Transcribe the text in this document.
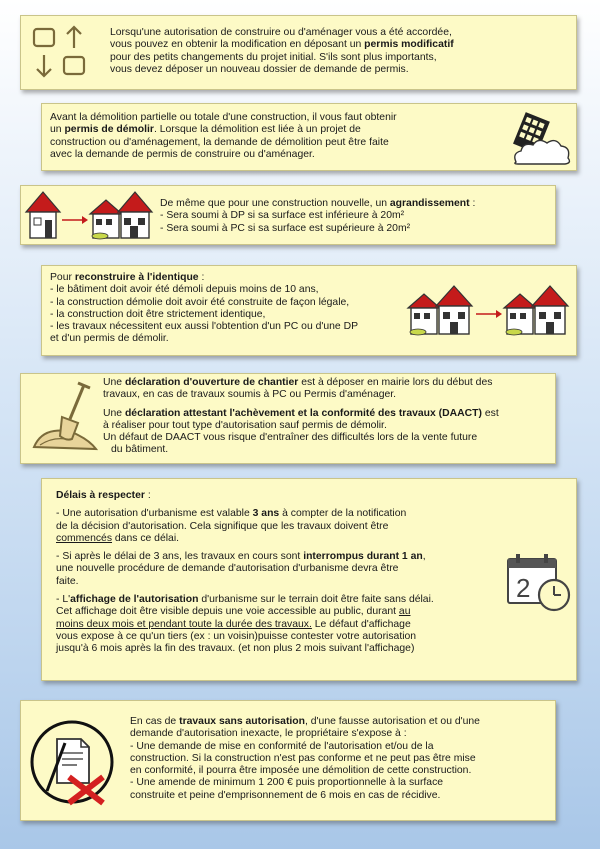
Lorsqu'une autorisation de construire ou d'aménager vous a été accordée,

vous pouvez en obtenir la modification en déposant un permis modificatif

pour des petits changements du projet initial. S'ils sont plus importants,

vous devez déposer un nouveau dossier de demande de permis.

Avant la démolition partielle ou totale d'une construction, il vous faut obtenir

un permis de démolir. Lorsque la démolition est liée à un projet de

construction ou d'aménagement, la demande de démolition peut être faite

avec la demande de permis de construire ou d'aménager.

De même que pour une construction nouvelle, un agrandissement :

- Sera soumi à DP si sa surface est inférieure à 20m²

- Sera soumi à PC si sa surface est supérieure à 20m²

Pour reconstruire à l'identique :

- le bâtiment doit avoir été démoli depuis moins de 10 ans,

- la construction démolie doit avoir été construite de façon légale,

- la construction doit être strictement identique,

- les travaux nécessitent eux aussi l'obtention d'un PC ou d'une DP

et d'un permis de démolir.

Une déclaration d'ouverture de chantier est à déposer en mairie lors du début des

travaux, en cas de travaux soumis à PC ou Permis d'aménager.

Une déclaration attestant l'achèvement et la conformité des travaux (DAACT) est

à réaliser pour tout type d'autorisation sauf permis de démolir.

Un défaut de DAACT vous risque d'entraîner des difficultés lors de la vente future

du bâtiment.

Délais à respecter :

- Une autorisation d'urbanisme est valable 3 ans à compter de la notification

de la décision d'autorisation. Cela signifique que les travaux doivent être

commencés dans ce délai.

- Si après le délai de 3 ans, les travaux en cours sont interrompus durant 1 an,

une nouvelle procédure de demande d'autorisation d'urbanisme devra être

faite.

- L'affichage de l'autorisation d'urbanisme sur le terrain doit être faite sans délai.

Cet affichage doit être visible depuis une voie accessible au public, durant au

moins deux mois et pendant toute la durée des travaux. Le défaut d'affichage

vous expose à ce qu'un tiers (ex : un voisin)puisse contester votre autorisation

jusqu'à 6 mois après la fin des travaux. (et non plus 2 mois suivant l'affichage)

2

En cas de travaux sans autorisation, d'une fausse autorisation et ou d'une

demande d'autorisation inexacte, le propriétaire s'expose à :

- Une demande de mise en conformité de l'autorisation et/ou de la

construction. Si la construction n'est pas conforme et ne peut pas être mise

en conformité, il pourra être imposée une démolition de cette construction.

- Une amende de minimum 1 200 € puis proportionnelle à la surface

construite et peine d'emprisonnement de 6 mois en cas de récidive.
